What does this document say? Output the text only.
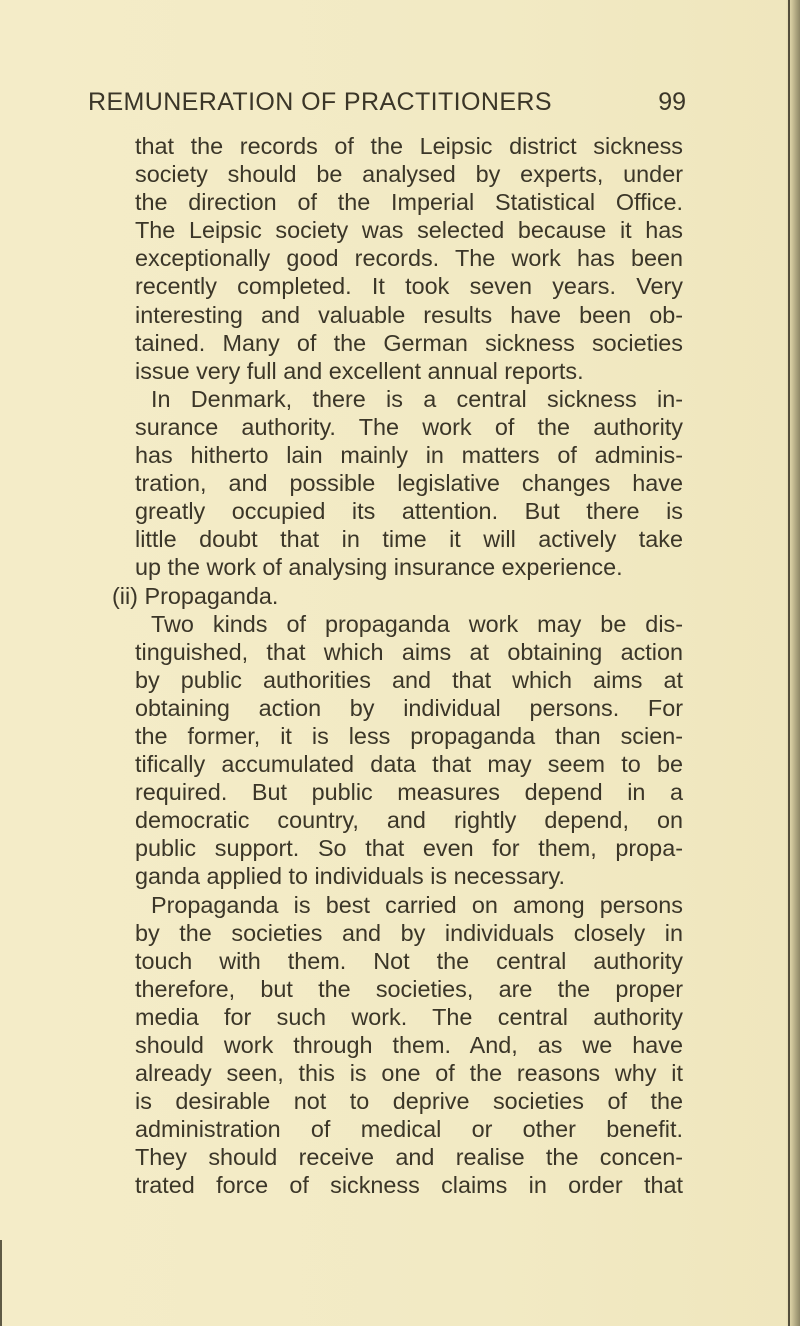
REMUNERATION OF PRACTITIONERS	99
that the records of the Leipsic district sickness
society should be analysed by experts, under
the direction of the Imperial Statistical Office.
The Leipsic society was selected because it has
exceptionally good records. The work has been
recently completed. It took seven years. Very
interesting and valuable results have been ob-
tained. Many of the German sickness societies
issue very full and excellent annual reports.
In Denmark, there is a central sickness in-
surance authority. The work of the authority
has hitherto lain mainly in matters of adminis-
tration, and possible legislative changes have
greatly occupied its attention. But there is
little doubt that in time it will actively take
up the work of analysing insurance experience.
(ii) Propaganda.
Two kinds of propaganda work may be dis-
tinguished, that which aims at obtaining action
by public authorities and that which aims at
obtaining action by individual persons. For
the former, it is less propaganda than scien-
tifically accumulated data that may seem to be
required. But public measures depend in a
democratic country, and rightly depend, on
public support. So that even for them, propa-
ganda applied to individuals is necessary.
Propaganda is best carried on among persons
by the societies and by individuals closely in
touch with them. Not the central authority
therefore, but the societies, are the proper
media for such work. The central authority
should work through them. And, as we have
already seen, this is one of the reasons why it
is desirable not to deprive societies of the
administration of medical or other benefit.
They should receive and realise the concen-
trated force of sickness claims in order that
